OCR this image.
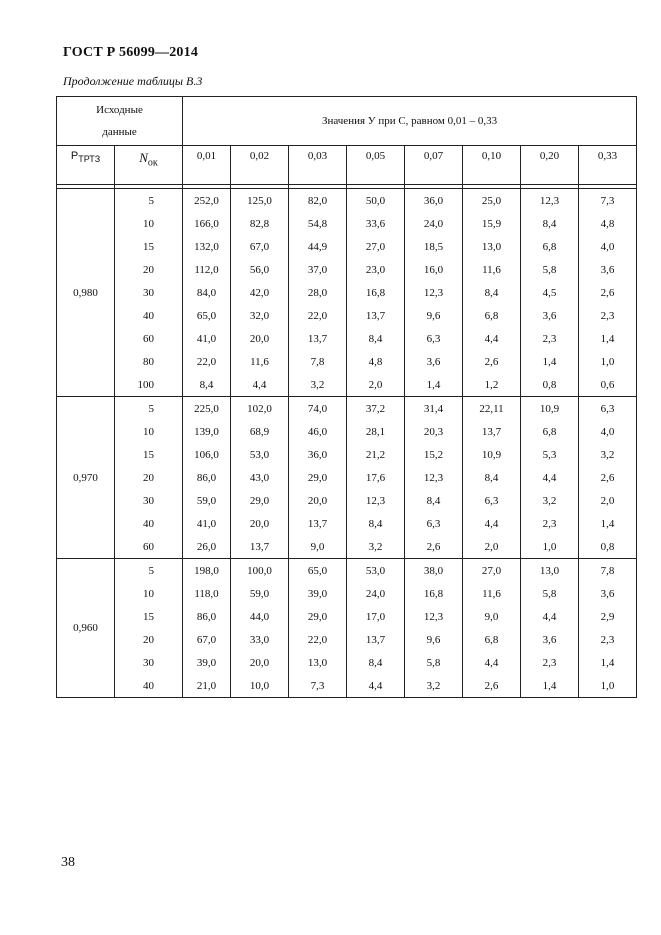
ГОСТ Р 56099—2014
Продолжение таблицы В.3
Исходные данные		Значения У при С, равном 0,01 – 0,33							
$P_{ТРТЗ}$	$N_{ок}$	0,01	0,02	0,03	0,05	0,07	0,10	0,20	0,33

0,980	5	252,0	125,0	82,0	50,0	36,0	25,0	12,3	7,3
	10	166,0	82,8	54,8	33,6	24,0	15,9	8,4	4,8
	15	132,0	67,0	44,9	27,0	18,5	13,0	6,8	4,0
	20	112,0	56,0	37,0	23,0	16,0	11,6	5,8	3,6
	30	84,0	42,0	28,0	16,8	12,3	8,4	4,5	2,6
	40	65,0	32,0	22,0	13,7	9,6	6,8	3,6	2,3
	60	41,0	20,0	13,7	8,4	6,3	4,4	2,3	1,4
	80	22,0	11,6	7,8	4,8	3,6	2,6	1,4	1,0
	100	8,4	4,4	3,2	2,0	1,4	1,2	0,8	0,6
0,970	5	225,0	102,0	74,0	37,2	31,4	22,11	10,9	6,3
	10	139,0	68,9	46,0	28,1	20,3	13,7	6,8	4,0
	15	106,0	53,0	36,0	21,2	15,2	10,9	5,3	3,2
	20	86,0	43,0	29,0	17,6	12,3	8,4	4,4	2,6
	30	59,0	29,0	20,0	12,3	8,4	6,3	3,2	2,0
	40	41,0	20,0	13,7	8,4	6,3	4,4	2,3	1,4
	60	26,0	13,7	9,0	3,2	2,6	2,0	1,0	0,8
0,960	5	198,0	100,0	65,0	53,0	38,0	27,0	13,0	7,8
	10	118,0	59,0	39,0	24,0	16,8	11,6	5,8	3,6
	15	86,0	44,0	29,0	17,0	12,3	9,0	4,4	2,9
	20	67,0	33,0	22,0	13,7	9,6	6,8	3,6	2,3
	30	39,0	20,0	13,0	8,4	5,8	4,4	2,3	1,4
	40	21,0	10,0	7,3	4,4	3,2	2,6	1,4	1,0
38
